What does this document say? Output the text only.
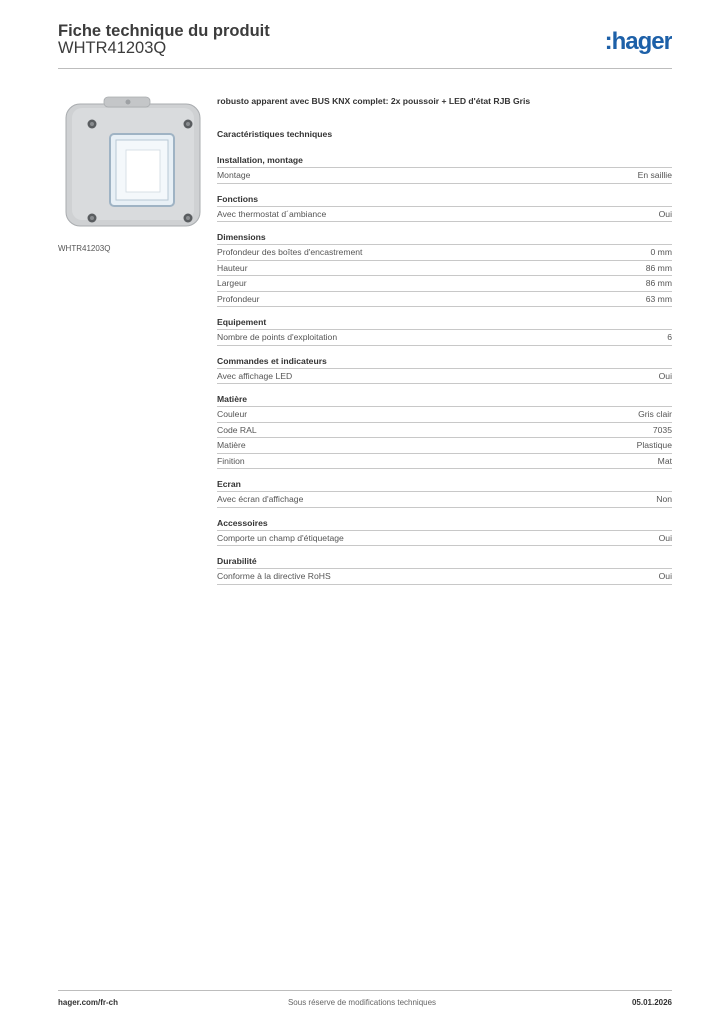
Fiche technique du produit
WHTR41203Q	:hager
WHTR41203Q
robusto apparent avec BUS KNX complet: 2x poussoir + LED d'état RJB Gris
Caractéristiques techniques
Installation, montage
Montage	En saillie
Fonctions
Avec thermostat d´ambiance	Oui
Dimensions
Profondeur des boîtes d'encastrement	0 mm
Hauteur	86 mm
Largeur	86 mm
Profondeur	63 mm
Equipement
Nombre de points d'exploitation	6
Commandes et indicateurs
Avec affichage LED	Oui
Matière
Couleur	Gris clair
Code RAL	7035
Matière	Plastique
Finition	Mat
Ecran
Avec écran d'affichage	Non
Accessoires
Comporte un champ d'étiquetage	Oui
Durabilité
Conforme à la directive RoHS	Oui
hager.com/fr-ch	Sous réserve de modifications techniques	05.01.2026
